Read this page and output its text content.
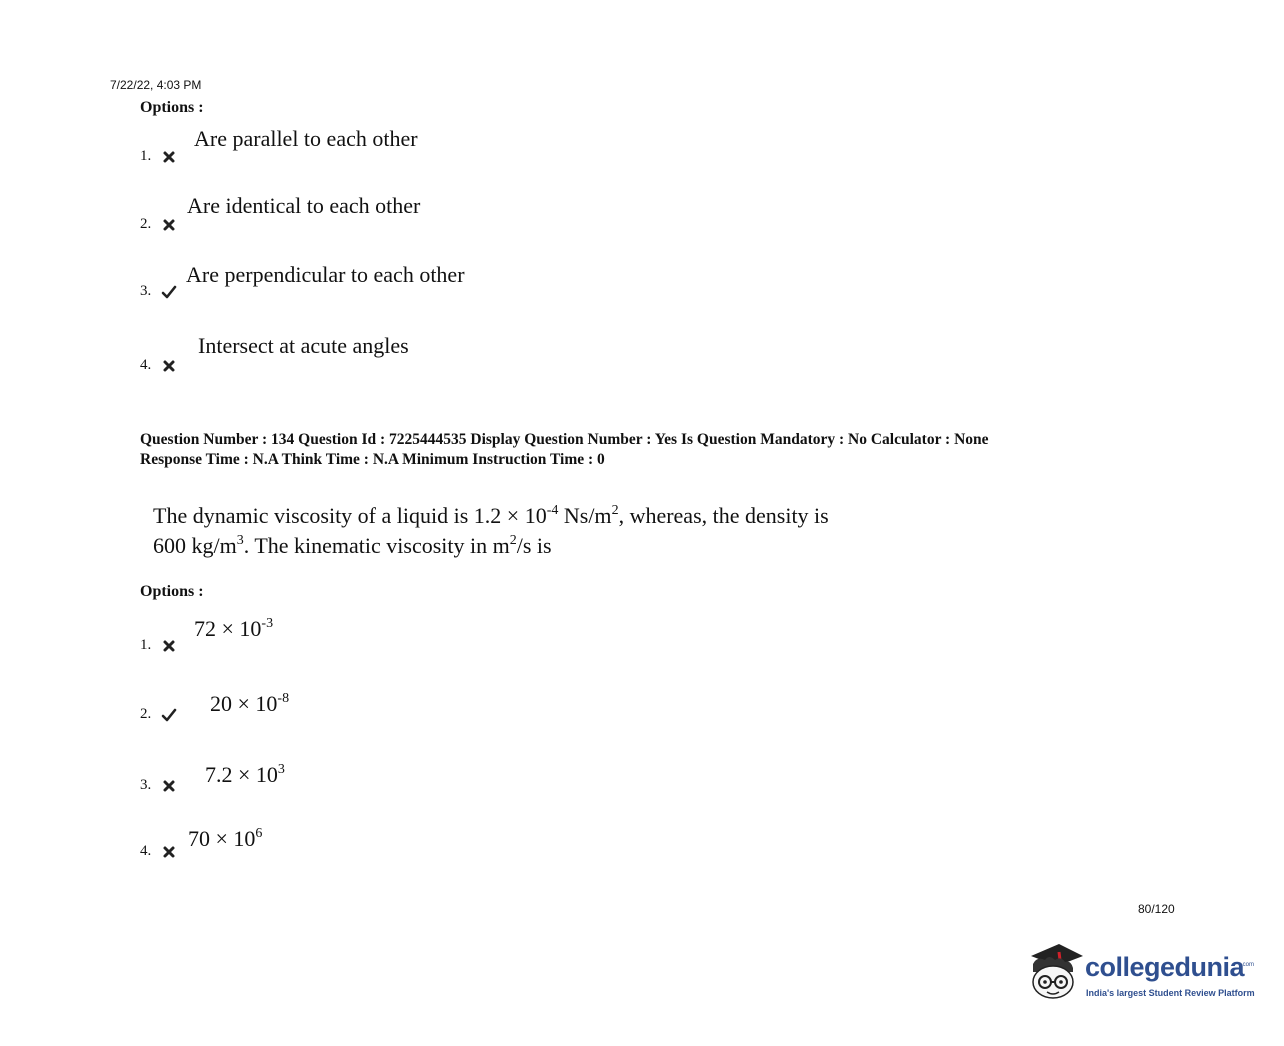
7/22/22, 4:03 PM
Options :
1.
Are parallel to each other
2.
Are identical to each other
3.
Are perpendicular to each other
4.
Intersect at acute angles
Question Number : 134 Question Id : 7225444535 Display Question Number : Yes Is Question Mandatory : No Calculator : None
Response Time : N.A Think Time : N.A Minimum Instruction Time : 0
The dynamic viscosity of a liquid is $1.2 \times 10^{-4}$ $Ns/m^2$, whereas, the density is
600 $kg/m^3$. The kinematic viscosity in $m^2/s$ is
Options :
1.
$72 \times 10^{-3}$
2.	$20 \times 10^{-8}$
3.	$7.2 \times 10^3$
4.	$70 \times 10^6$
80/120
collegedunia
.com
India's largest Student Review Platform
